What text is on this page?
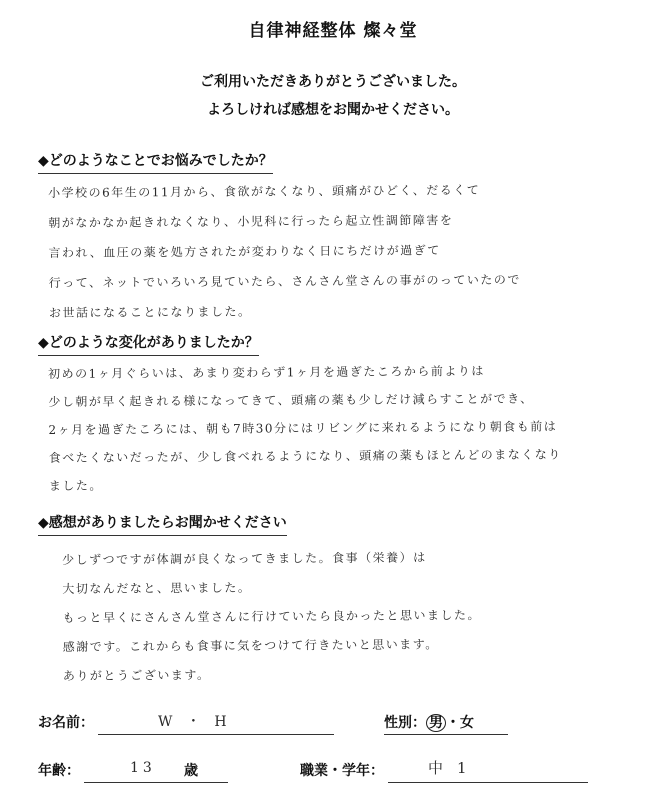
自律神経整体 燦々堂
ご利用いただきありがとうございました。
よろしければ感想をお聞かせください。
◆どのようなことでお悩みでしたか？
小学校の6年生の11月から、食欲がなくなり、頭痛がひどく、だるくて
朝がなかなか起きれなくなり、小児科に行ったら起立性調節障害を
言われ、血圧の薬を処方されたが変わりなく日にちだけが過ぎて
行って、ネットでいろいろ見ていたら、さんさん堂さんの事がのっていたので
お世話になることになりました。
◆どのような変化がありましたか？
初めの1ヶ月ぐらいは、あまり変わらず1ヶ月を過ぎたころから前よりは
少し朝が早く起きれる様になってきて、頭痛の薬も少しだけ減らすことができ、
2ヶ月を過ぎたころには、朝も7時30分にはリビングに来れるようになり朝食も前は
食べたくないだったが、少し食べれるようになり、頭痛の薬もほとんどのまなくなり
ました。
◆感想がありましたらお聞かせください
少しずつですが体調が良くなってきました。食事（栄養）は
大切なんだなと、思いました。
もっと早くにさんさん堂さんに行けていたら良かったと思いました。
感謝です。これからも食事に気をつけて行きたいと思います。
ありがとうございます。
お名前：	W・H	性別： 男 ・女
年齢：	13 歳	職業・学年：	中1
